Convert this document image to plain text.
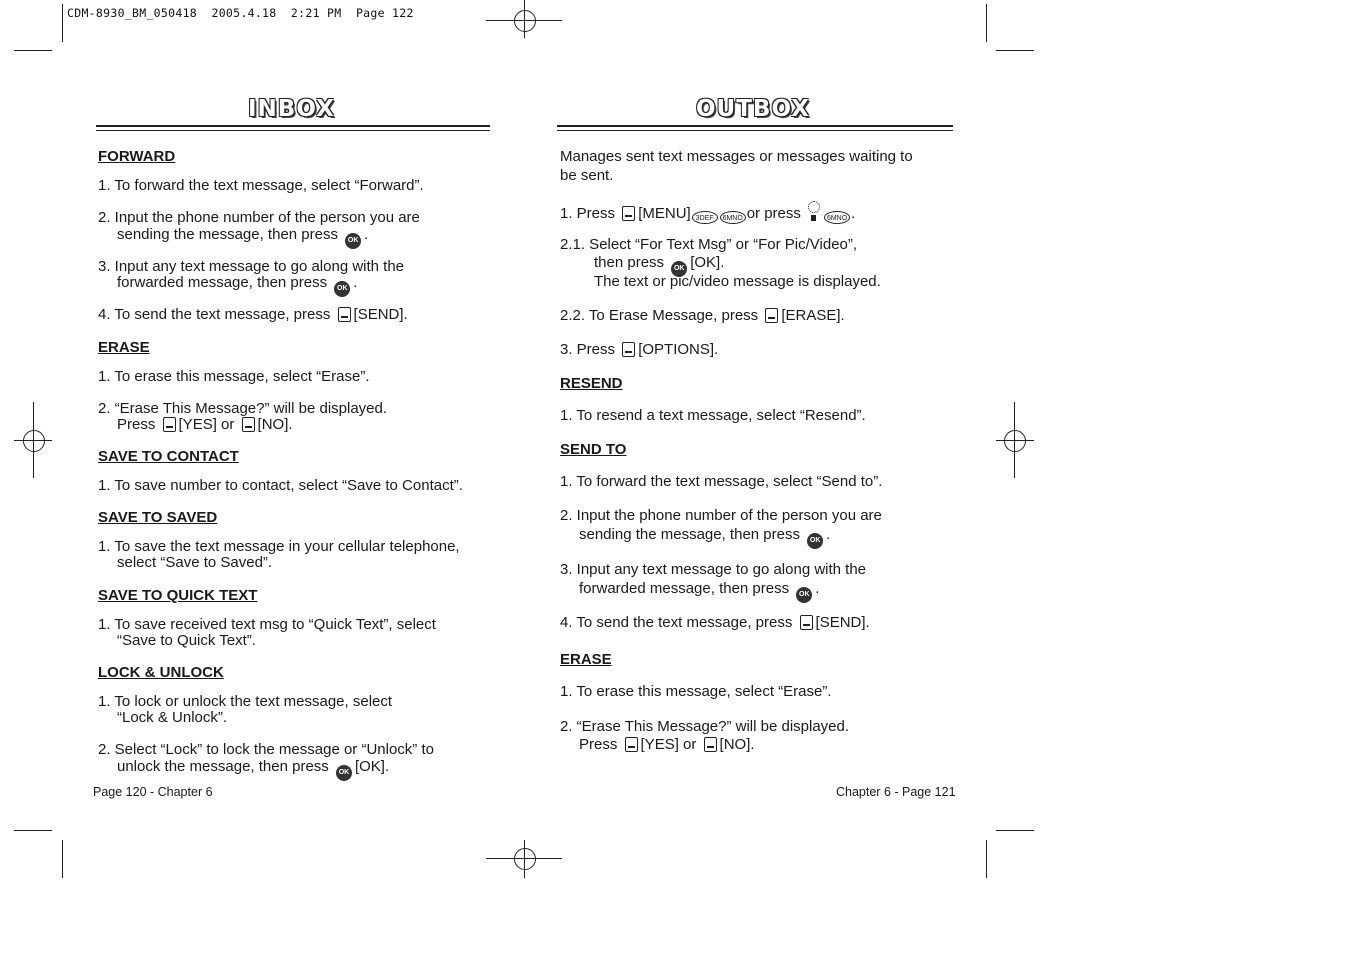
CDM-8930_BM_050418  2005.4.18  2:21 PM  Page 122
INBOX
FORWARD
1. To forward the text message, select “Forward”.
2. Input the phone number of the person you are
sending the message, then press OK .
3. Input any text message to go along with the
forwarded message, then press OK .
4. To send the text message, press [SEND].
ERASE
1. To erase this message, select “Erase”.
2. “Erase This Message?” will be displayed.
Press [YES] or [NO].
SAVE TO CONTACT
1. To save number to contact, select “Save to Contact”.
SAVE TO SAVED
1. To save the text message in your cellular telephone,
select “Save to Saved”.
SAVE TO QUICK TEXT
1. To save received text msg to “Quick Text”, select
“Save to Quick Text”.
LOCK & UNLOCK
1. To lock or unlock the text message, select
“Lock & Unlock”.
2. Select “Lock” to lock the message or “Unlock” to
unlock the message, then press OK [OK].
Page 120 - Chapter 6
OUTBOX
Manages sent text messages or messages waiting to
be sent.
1. Press [MENU] 3DEF 6MNO or press	6MNO .
2.1. Select “For Text Msg” or “For Pic/Video”,
then press OK [OK].
The text or pic/video message is displayed.
2.2. To Erase Message, press [ERASE].
3. Press [OPTIONS].
RESEND
1. To resend a text message, select “Resend”.
SEND TO
1. To forward the text message, select “Send to”.
2. Input the phone number of the person you are
sending the message, then press OK .
3. Input any text message to go along with the
forwarded message, then press OK .
4. To send the text message, press [SEND].
ERASE
1. To erase this message, select “Erase”.
2. “Erase This Message?” will be displayed.
Press [YES] or [NO].
Chapter 6 - Page 121
